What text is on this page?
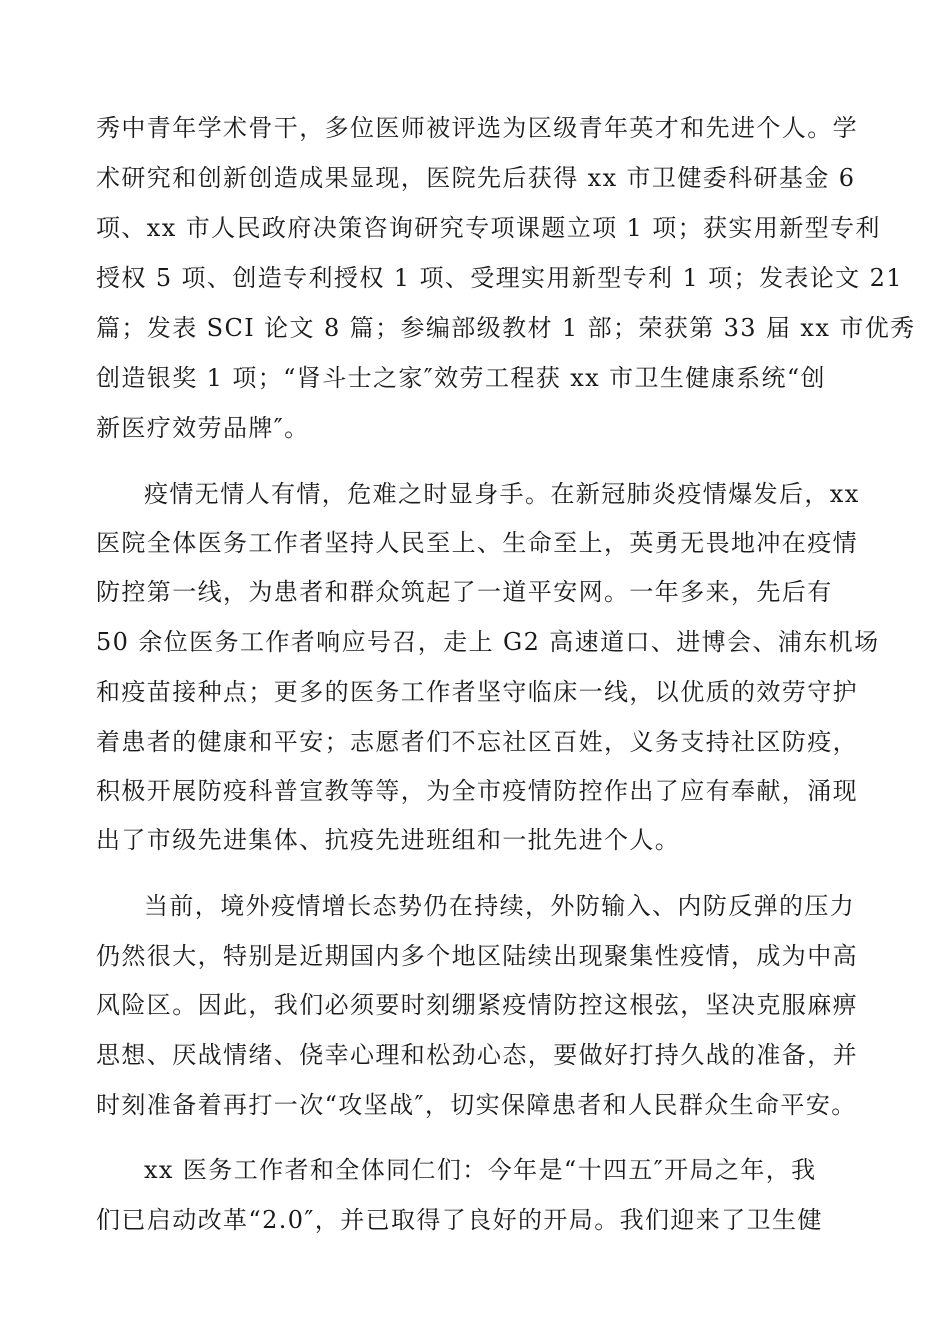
秀中青年学术骨干，多位医师被评选为区级青年英才和先进个人。学
术研究和创新创造成果显现，医院先后获得 xx 市卫健委科研基金 6
项、xx 市人民政府决策咨询研究专项课题立项 1 项；获实用新型专利
授权 5 项、创造专利授权 1 项、受理实用新型专利 1 项；发表论文 21
篇；发表 SCI 论文 8 篇；参编部级教材 1 部；荣获第 33 届 xx 市优秀
创造银奖 1 项；“肾斗士之家″效劳工程获 xx 市卫生健康系统“创
新医疗效劳品牌″。
疫情无情人有情，危难之时显身手。在新冠肺炎疫情爆发后，xx
医院全体医务工作者坚持人民至上、生命至上，英勇无畏地冲在疫情
防控第一线，为患者和群众筑起了一道平安网。一年多来，先后有
50 余位医务工作者响应号召，走上 G2 高速道口、进博会、浦东机场
和疫苗接种点；更多的医务工作者坚守临床一线，以优质的效劳守护
着患者的健康和平安；志愿者们不忘社区百姓，义务支持社区防疫，
积极开展防疫科普宣教等等，为全市疫情防控作出了应有奉献，涌现
出了市级先进集体、抗疫先进班组和一批先进个人。
当前，境外疫情增长态势仍在持续，外防输入、内防反弹的压力
仍然很大，特别是近期国内多个地区陆续出现聚集性疫情，成为中高
风险区。因此，我们必须要时刻绷紧疫情防控这根弦，坚决克服麻痹
思想、厌战情绪、侥幸心理和松劲心态，要做好打持久战的准备，并
时刻准备着再打一次“攻坚战″，切实保障患者和人民群众生命平安。
xx 医务工作者和全体同仁们：今年是“十四五″开局之年，我
们已启动改革“2.0″，并已取得了良好的开局。我们迎来了卫生健
